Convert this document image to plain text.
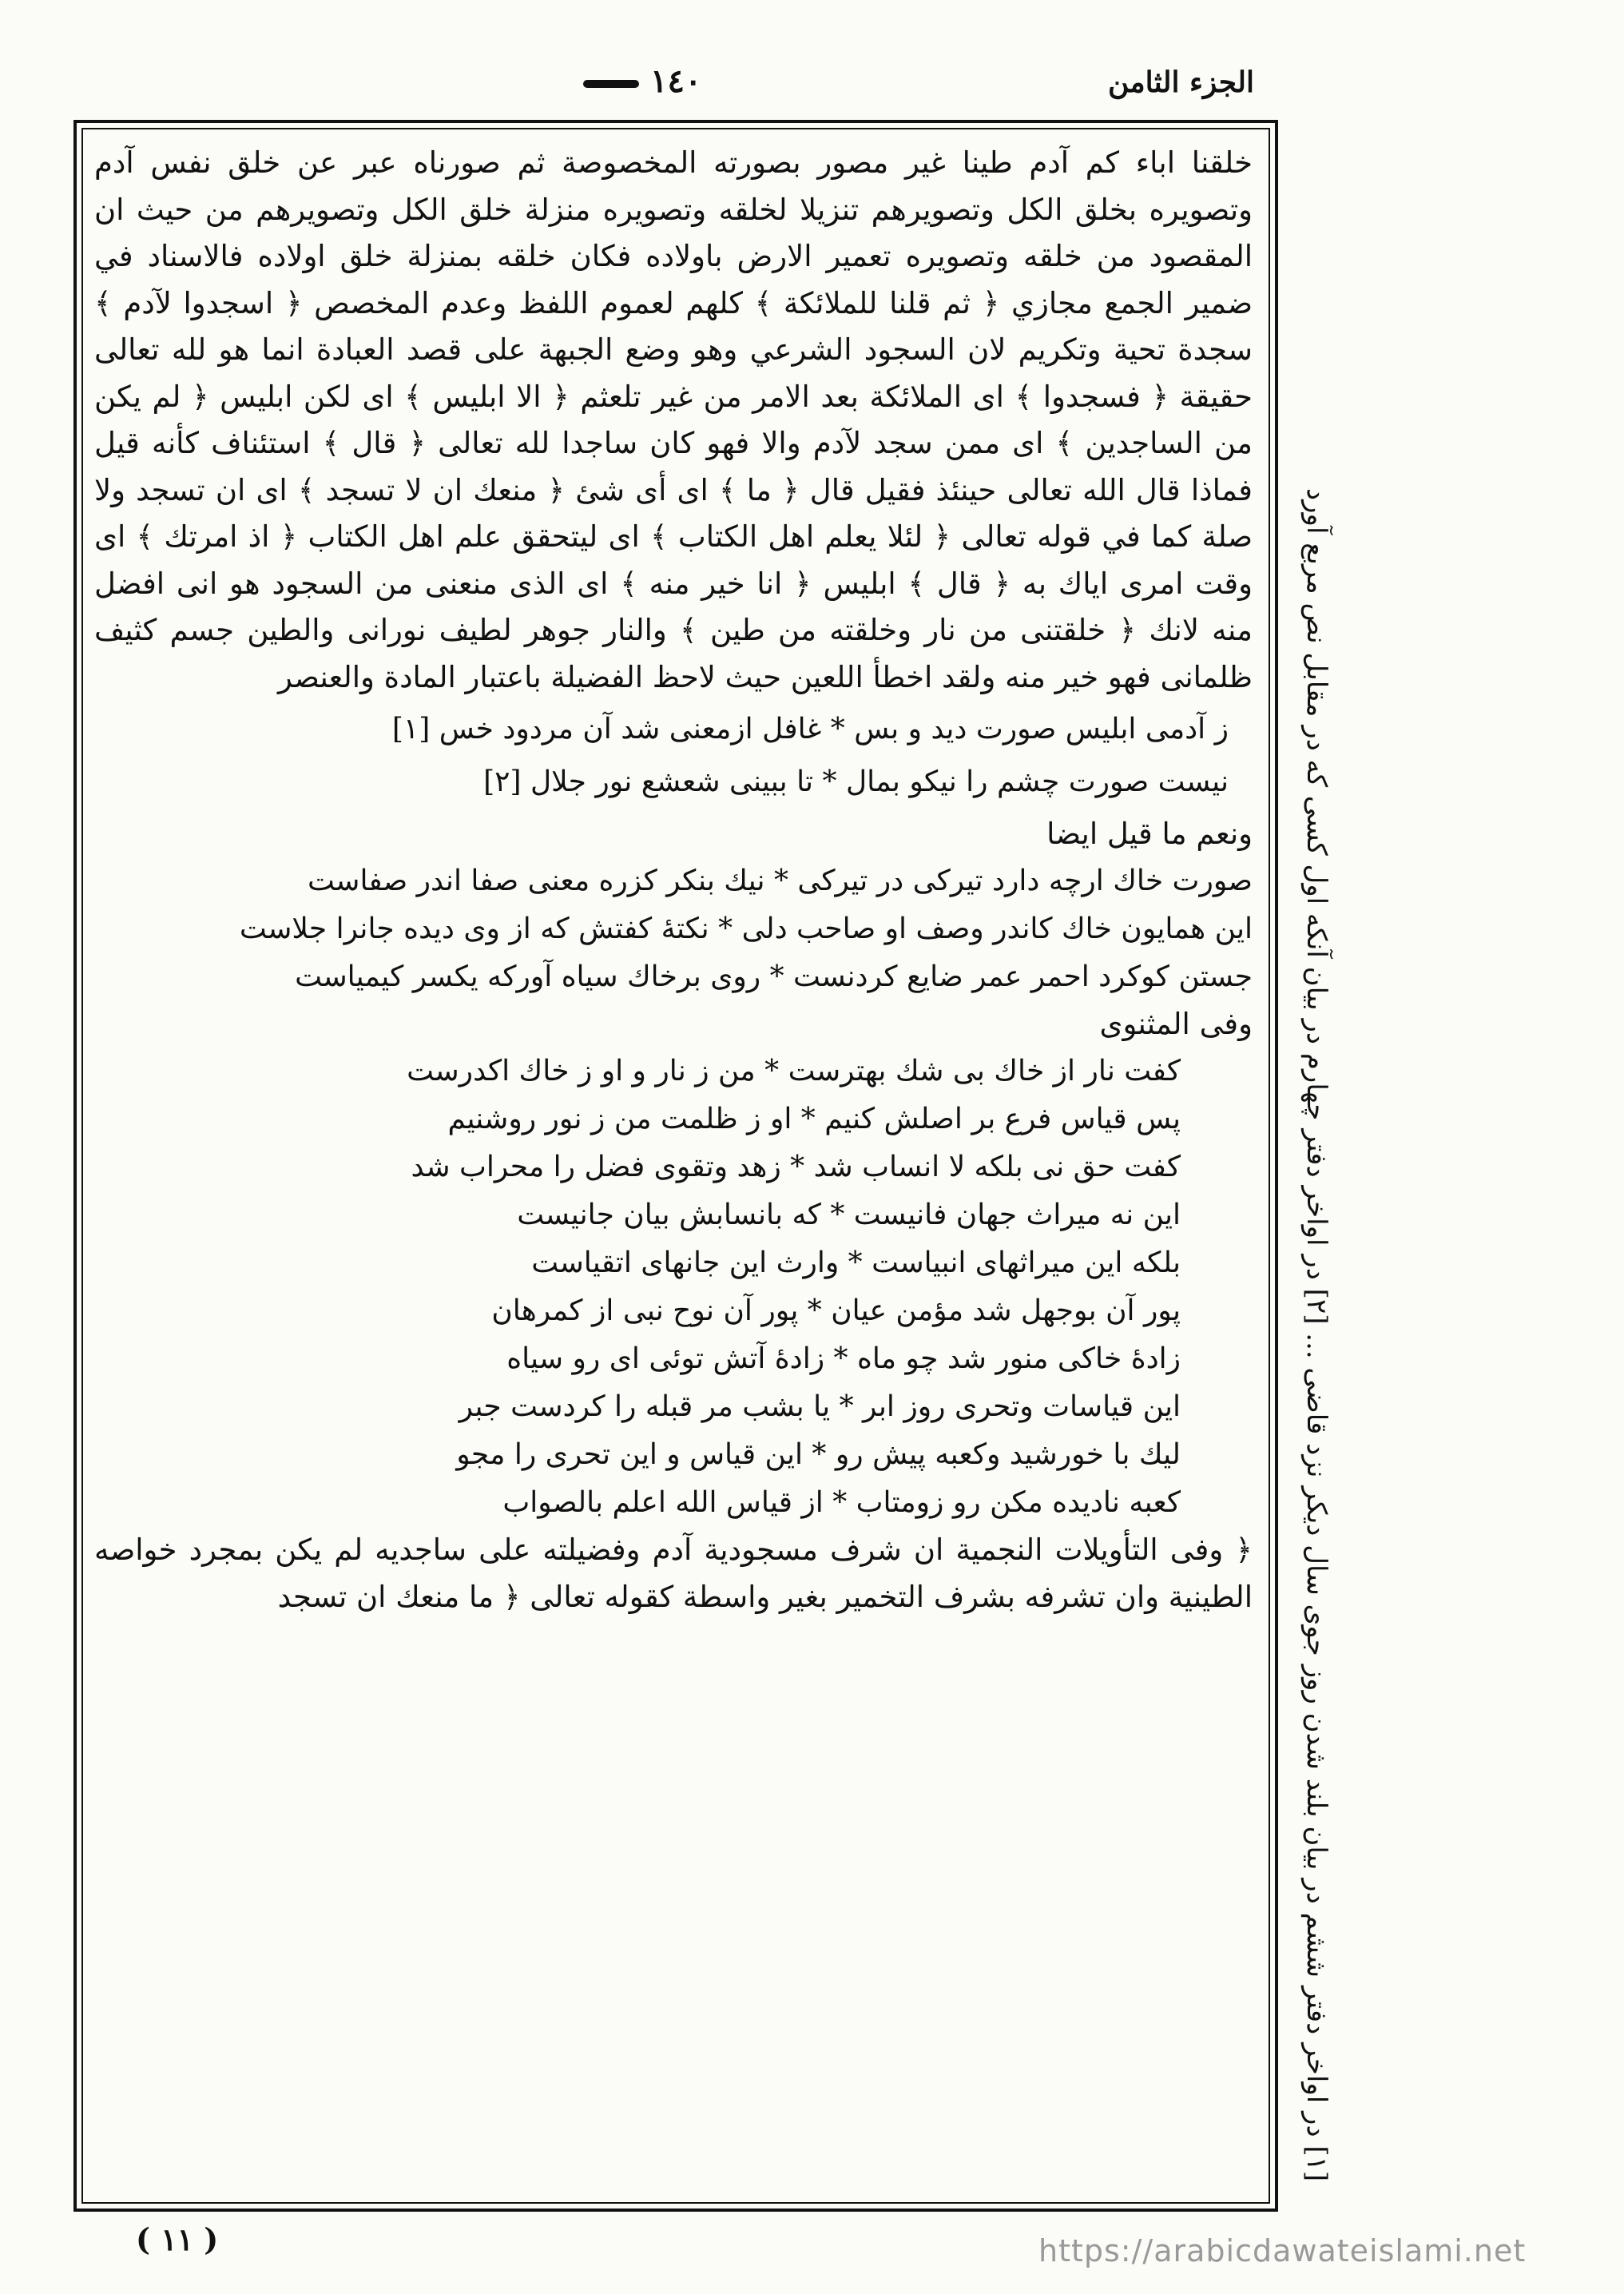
الجزء الثامن
١٤٠

خلقنا اباء كم آدم طينا غير مصور بصورته المخصوصة ثم صورناه عبر عن خلق نفس آدم وتصويره بخلق الكل وتصويرهم تنزيلا لخلقه وتصويره منزلة خلق الكل وتصويرهم من حيث ان المقصود من خلقه وتصويره تعمير الارض باولاده فكان خلقه بمنزلة خلق اولاده فالاسناد في ضمير الجمع مجازي ﴿ ثم قلنا للملائكة ﴾ كلهم لعموم اللفظ وعدم المخصص ﴿ اسجدوا لآدم ﴾ سجدة تحية وتكريم لان السجود الشرعي وهو وضع الجبهة على قصد العبادة انما هو لله تعالى حقيقة ﴿ فسجدوا ﴾ اى الملائكة بعد الامر من غير تلعثم ﴿ الا ابليس ﴾ اى لكن ابليس ﴿ لم يكن من الساجدين ﴾ اى ممن سجد لآدم والا فهو كان ساجدا لله تعالى ﴿ قال ﴾ استئناف كأنه قيل فماذا قال الله تعالى حينئذ فقيل قال ﴿ ما ﴾ اى أى شئ ﴿ منعك ان لا تسجد ﴾ اى ان تسجد ولا صلة كما في قوله تعالى ﴿ لئلا يعلم اهل الكتاب ﴾ اى ليتحقق علم اهل الكتاب ﴿ اذ امرتك ﴾ اى وقت امرى اياك به ﴿ قال ﴾ ابليس ﴿ انا خير منه ﴾ اى الذى منعنى من السجود هو انى افضل منه لانك ﴿ خلقتنى من نار وخلقته من طين ﴾ والنار جوهر لطيف نورانى والطين جسم كثيف ظلمانى فهو خير منه ولقد اخطأ اللعين حيث لاحظ الفضيلة باعتبار المادة والعنصر

ز آدمى ابليس صورت ديد و بس * غافل ازمعنى شد آن مردود خس [١]
نيست صورت چشم را نيكو بمال * تا ببينى شعشع نور جلال [٢]
ونعم ما قيل ايضا
صورت خاك ارچه دارد تيركى در تيركى * نيك بنكر كزره معنى صفا اندر صفاست
اين همايون خاك كاندر وصف او صاحب دلى * نكتهٔ كفتش كه از وى ديده جانرا جلاست
جستن كوكرد احمر عمر ضايع كردنست * روى برخاك سياه آوركه يكسر كيمياست
وفى المثنوى
كفت نار از خاك بى شك بهترست * من ز نار و او ز خاك اكدرست
پس قياس فرع بر اصلش كنيم * او ز ظلمت من ز نور روشنيم
كفت حق نى بلكه لا انساب شد * زهد وتقوى فضل را محراب شد
اين نه ميراث جهان فانيست * كه بانسابش بيان جانيست
بلكه اين ميراثهاى انبياست * وارث اين جانهاى اتقياست
پور آن بوجهل شد مؤمن عيان * پور آن نوح نبى از كمرهان
زادهٔ خاكى منور شد چو ماه * زادهٔ آتش توئى اى رو سياه
اين قياسات وتحرى روز ابر * يا بشب مر قبله را كردست جبر
ليك با خورشيد وكعبه پيش رو * اين قياس و اين تحرى را مجو
كعبه ناديده مكن رو زومتاب * از قياس الله اعلم بالصواب

﴿ وفى التأويلات النجمية ان شرف مسجودية آدم وفضيلته على ساجديه لم يكن بمجرد خواصه الطينية وان تشرفه بشرف التخمير بغير واسطة كقوله تعالى ﴿ ما منعك ان تسجد

[١] در اواخر دفتر ششم در بيان بلند شدن روز جوى سال ديكر نزد قاضى ... [٢] در اواخر دفتر چهارم در بيان آنكه اول كسى كه در مقابل نص مربع آورد
( ١١ )	https://arabicdawateislami.net
